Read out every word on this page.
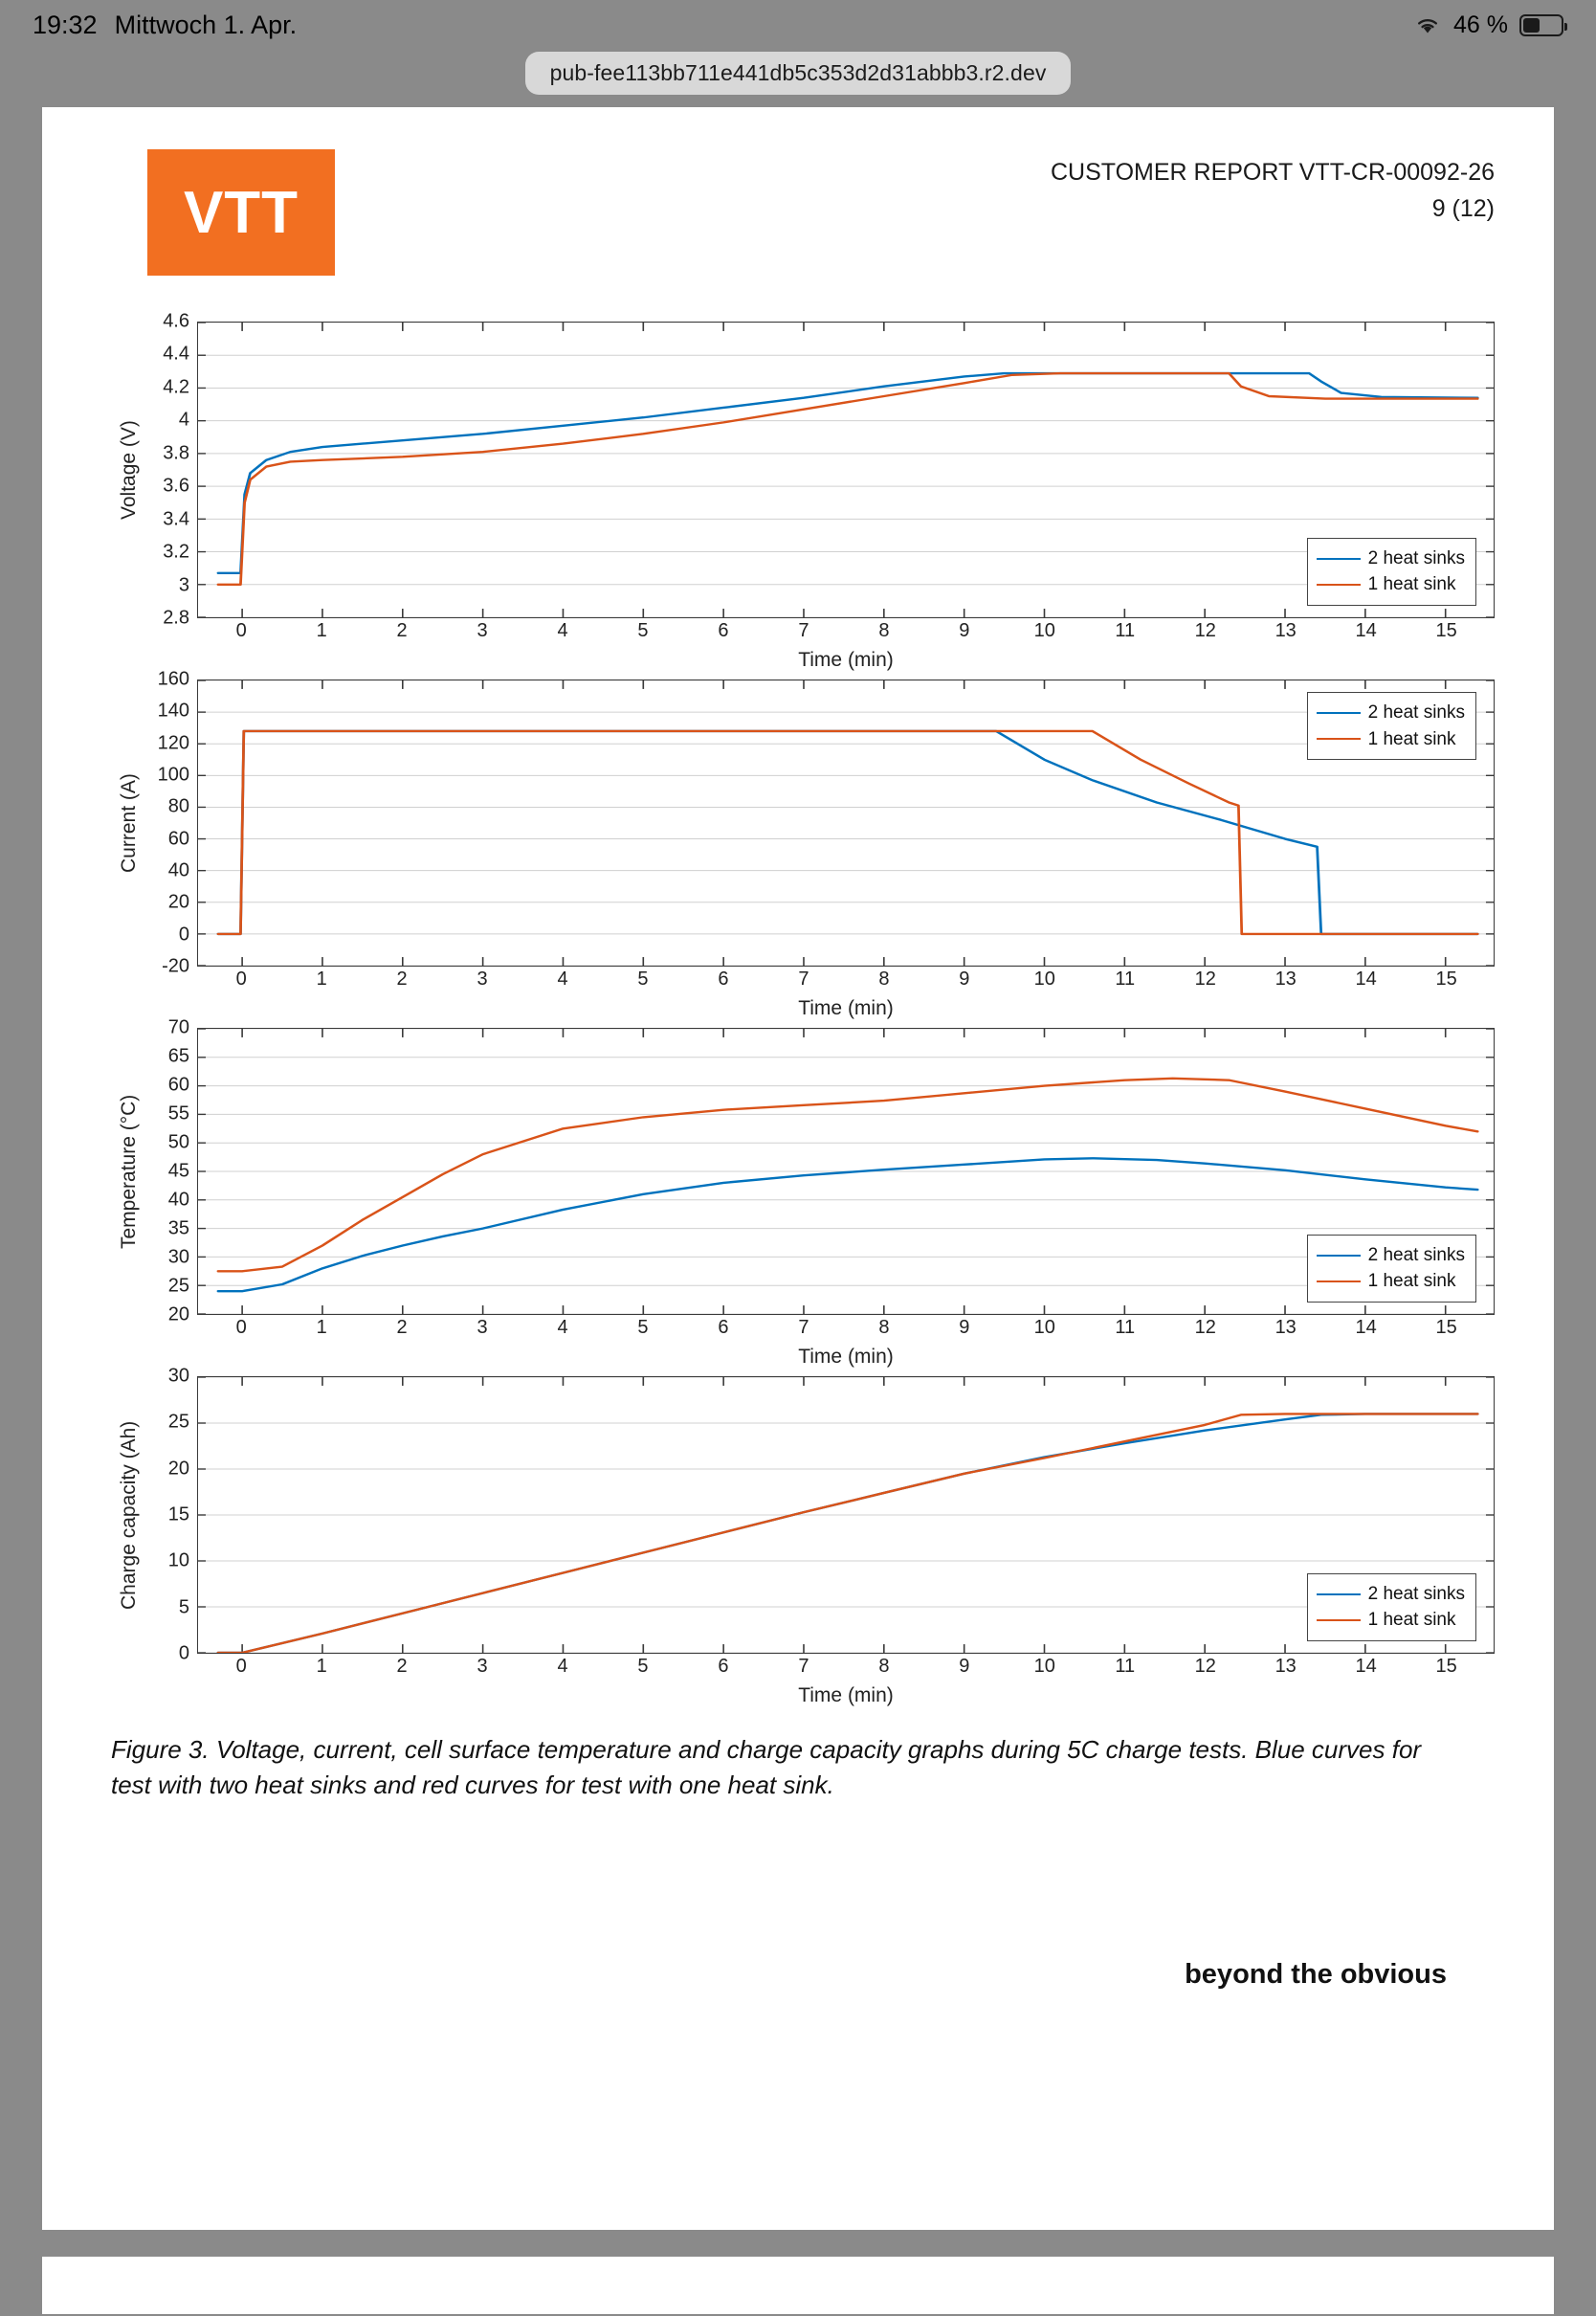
19:32 Mittwoch 1. Apr.	46 %
pub-fee113bb711e441db5c353d2d31abbb3.r2.dev
VTT
CUSTOMER REPORT VTT-CR-00092-26
9 (12)
Voltage (V)
2.8
3
3.2
3.4
3.6
3.8
4
4.2
4.4
4.6
2 heat sinks
1 heat sink
0	1	2	3	4	5	6	7	8	9	10	11	12	13	14	15
Time (min)
Current (A)
-20
0
20
40
60
80
100
120
140
160
2 heat sinks
1 heat sink
0	1	2	3	4	5	6	7	8	9	10	11	12	13	14	15
Time (min)
Temperature (°C)
20
25
30
35
40
45
50
55
60
65
70
2 heat sinks
1 heat sink
0	1	2	3	4	5	6	7	8	9	10	11	12	13	14	15
Time (min)
Charge capacity (Ah)
0
5
10
15
20
25
30
2 heat sinks
1 heat sink
0	1	2	3	4	5	6	7	8	9	10	11	12	13	14	15
Time (min)
Figure 3. Voltage, current, cell surface temperature and charge capacity graphs during 5C charge tests. Blue curves for test with two heat sinks and red curves for test with one heat sink.
beyond the obvious
